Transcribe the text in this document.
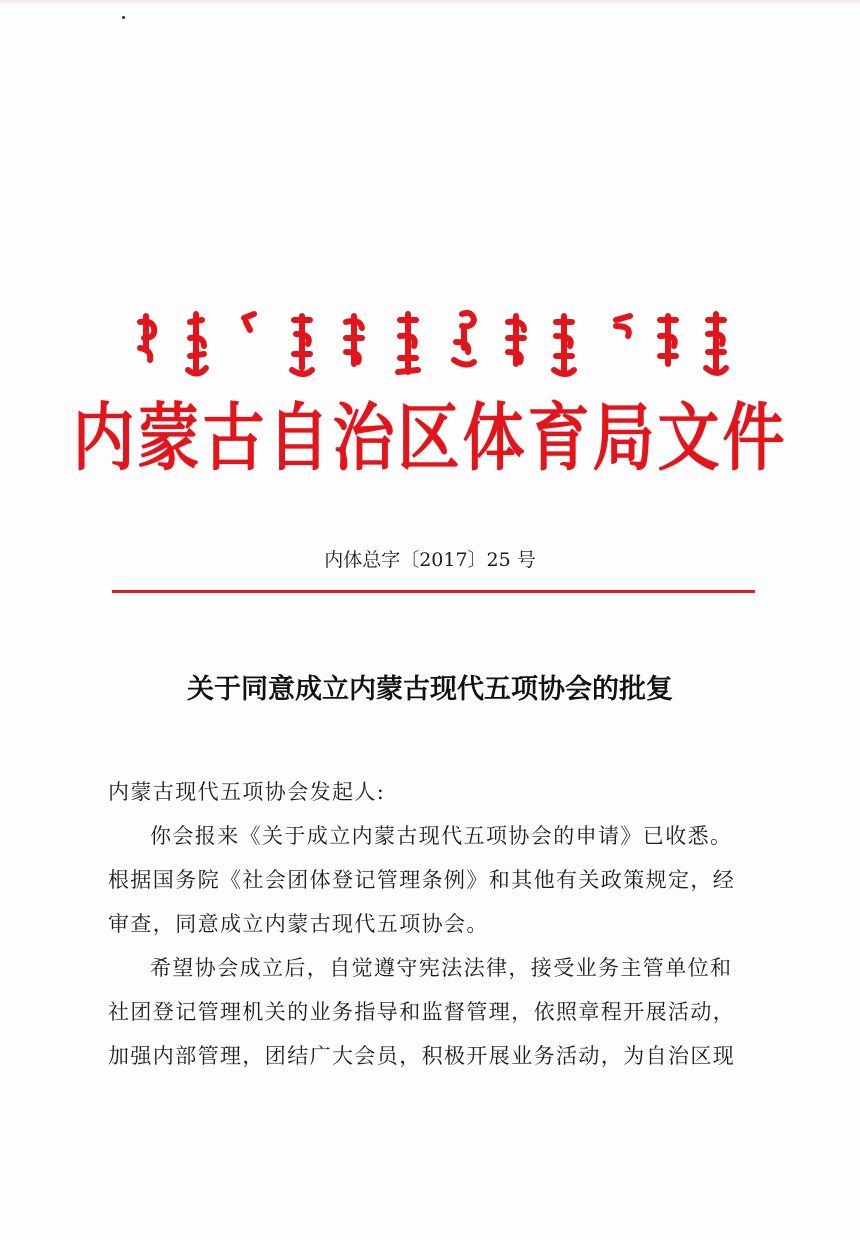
内蒙古自治区体育局文件
内体总字〔2017〕25 号
关于同意成立内蒙古现代五项协会的批复
内蒙古现代五项协会发起人:
你会报来《关于成立内蒙古现代五项协会的申请》已收悉。
根据国务院《社会团体登记管理条例》和其他有关政策规定，经
审查，同意成立内蒙古现代五项协会。
希望协会成立后，自觉遵守宪法法律，接受业务主管单位和
社团登记管理机关的业务指导和监督管理，依照章程开展活动，
加强内部管理，团结广大会员，积极开展业务活动，为自治区现
